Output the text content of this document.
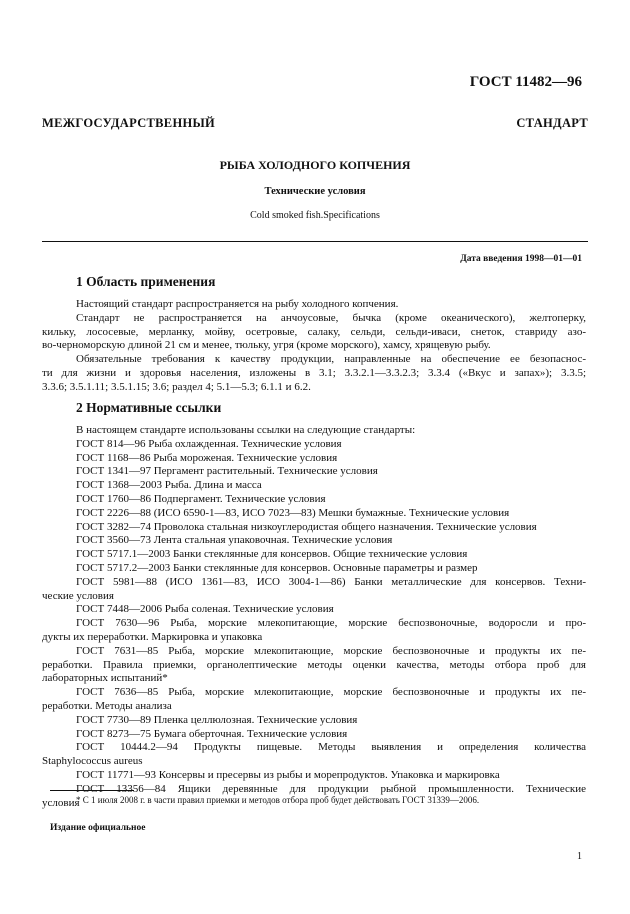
ГОСТ 11482—96
МЕЖГОСУДАРСТВЕННЫЙ СТАНДАРТ
РЫБА ХОЛОДНОГО КОПЧЕНИЯ
Технические условия
Cold smoked fish.Specifications
Дата введения 1998—01—01
1 Область применения

Настоящий стандарт распространяется на рыбу холодного копчения.

Стандарт не распространяется на анчоусовые, бычка (кроме океанического), желтоперку,

кильку, лососевые, мерланку, мойву, осетровые, салаку, сельди, сельди-иваси, снеток, ставриду азо-

во-черноморскую длиной 21 см и менее, тюльку, угря (кроме морского), хамсу, хрящевую рыбу.

Обязательные требования к качеству продукции, направленные на обеспечение ее безопаснос-

ти для жизни и здоровья населения, изложены в 3.1; 3.3.2.1—3.3.2.3; 3.3.4 («Вкус и запах»); 3.3.5;

3.3.6; 3.5.1.11; 3.5.1.15; 3.6; раздел 4; 5.1—5.3; 6.1.1 и 6.2.

2 Нормативные ссылки

В настоящем стандарте использованы ссылки на следующие стандарты:

ГОСТ 814—96 Рыба охлажденная. Технические условия

ГОСТ 1168—86 Рыба мороженая. Технические условия

ГОСТ 1341—97 Пергамент растительный. Технические условия

ГОСТ 1368—2003 Рыба. Длина и масса

ГОСТ 1760—86 Подпергамент. Технические условия

ГОСТ 2226—88 (ИСО 6590-1—83, ИСО 7023—83) Мешки бумажные. Технические условия

ГОСТ 3282—74 Проволока стальная низкоуглеродистая общего назначения. Технические условия

ГОСТ 3560—73 Лента стальная упаковочная. Технические условия

ГОСТ 5717.1—2003 Банки стеклянные для консервов. Общие технические условия

ГОСТ 5717.2—2003 Банки стеклянные для консервов. Основные параметры и размер

ГОСТ 5981—88 (ИСО 1361—83, ИСО 3004-1—86) Банки металлические для консервов. Техни-

ческие условия

ГОСТ 7448—2006 Рыба соленая. Технические условия

ГОСТ 7630—96 Рыба, морские млекопитающие, морские беспозвоночные, водоросли и про-

дукты их переработки. Маркировка и упаковка

ГОСТ 7631—85 Рыба, морские млекопитающие, морские беспозвоночные и продукты их пе-

реработки. Правила приемки, органолептические методы оценки качества, методы отбора проб для

лабораторных испытаний*

ГОСТ 7636—85 Рыба, морские млекопитающие, морские беспозвоночные и продукты их пе-

реработки. Методы анализа

ГОСТ 7730—89 Пленка целлюлозная. Технические условия

ГОСТ 8273—75 Бумага оберточная. Технические условия

ГОСТ 10444.2—94 Продукты пищевые. Методы выявления и определения количества

Staphylococcus aureus

ГОСТ 11771—93 Консервы и пресервы из рыбы и морепродуктов. Упаковка и маркировка

ГОСТ 13356—84 Ящики деревянные для продукции рыбной промышленности. Технические

условия

* С 1 июля 2008 г. в части правил приемки и методов отбора проб будет действовать ГОСТ 31339—2006.
Издание официальное
1
